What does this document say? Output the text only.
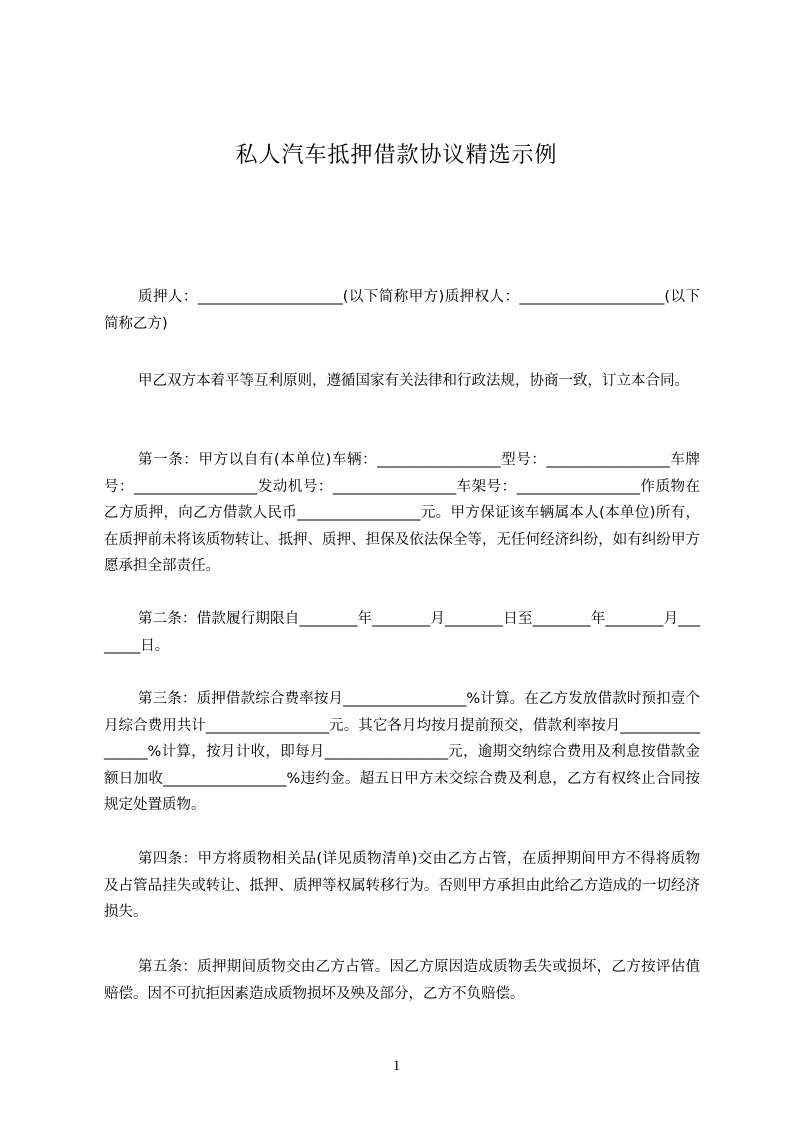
私人汽车抵押借款协议精选示例

质押人：____________________(以下简称甲方)质押权人：____________________(以下简称乙方)

甲乙双方本着平等互利原则，遵循国家有关法律和行政法规，协商一致，订立本合同。

第一条：甲方以自有(本单位)车辆：_________________型号：_________________车牌号：_________________发动机号：_________________车架号：_________________作质物在乙方质押，向乙方借款人民币_________________元。甲方保证该车辆属本人(本单位)所有，在质押前未将该质物转让、抵押、质押、担保及依法保全等，无任何经济纠纷，如有纠纷甲方愿承担全部责任。

第二条：借款履行期限自________年________月________日至________年________月________日。

第三条：质押借款综合费率按月_________________%计算。在乙方发放借款时预扣壹个月综合费用共计_________________元。其它各月均按月提前预交，借款利率按月_________________%计算，按月计收，即每月_________________元，逾期交纳综合费用及利息按借款金额日加收_________________%违约金。超五日甲方未交综合费及利息，乙方有权终止合同按规定处置质物。

第四条：甲方将质物相关品(详见质物清单)交由乙方占管，在质押期间甲方不得将质物及占管品挂失或转让、抵押、质押等权属转移行为。否则甲方承担由此给乙方造成的一切经济损失。

第五条：质押期间质物交由乙方占管。因乙方原因造成质物丢失或损坏，乙方按评估值赔偿。因不可抗拒因素造成质物损坏及殃及部分，乙方不负赔偿。

1
